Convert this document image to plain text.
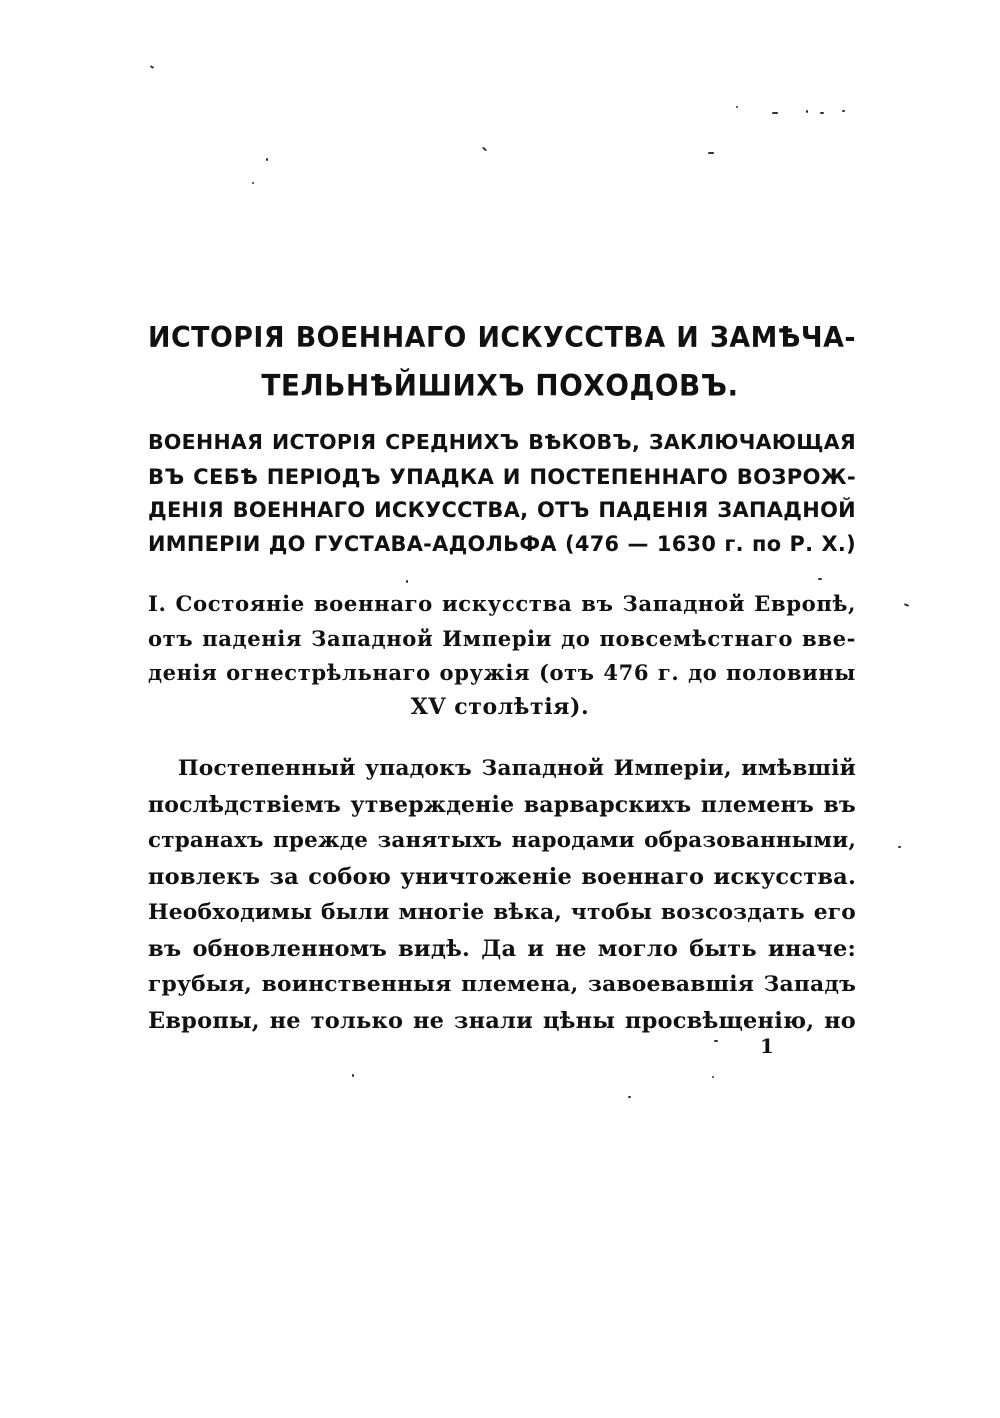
ИСТОРІЯ ВОЕННАГО ИСКУССТВА И ЗАМѢЧА-
ТЕЛЬНѢЙШИХЪ ПОХОДОВЪ.
ВОЕННАЯ ИСТОРІЯ СРЕДНИХЪ ВѢКОВЪ, ЗАКЛЮЧАЮЩАЯ
ВЪ СЕБѢ ПЕРІОДЪ УПАДКА И ПОСТЕПЕННАГО ВОЗРОЖ-
ДЕНІЯ ВОЕННАГО ИСКУССТВА, ОТЪ ПАДЕНІЯ ЗАПАДНОЙ
ИМПЕРІИ ДО ГУСТАВА-АДОЛЬФА (476 — 1630 г. по Р. Х.)
I. Состояніе военнаго искусства въ Западной Европѣ,
отъ паденія Западной Имперіи до повсемѣстнаго вве-
денія огнестрѣльнаго оружія (отъ 476 г. до половины
XV столѣтія).
Постепенный упадокъ Западной Имперіи, имѣвшій
послѣдствіемъ утвержденіе варварскихъ племенъ въ
странахъ прежде занятыхъ народами образованными,
повлекъ за собою уничтоженіе военнаго искусства.
Необходимы были многіе вѣка, чтобы возсоздать его
въ обновленномъ видѣ. Да и не могло быть иначе:
грубыя, воинственныя племена, завоевавшія Западъ
Европы, не только не знали цѣны просвѣщенію, но
1
